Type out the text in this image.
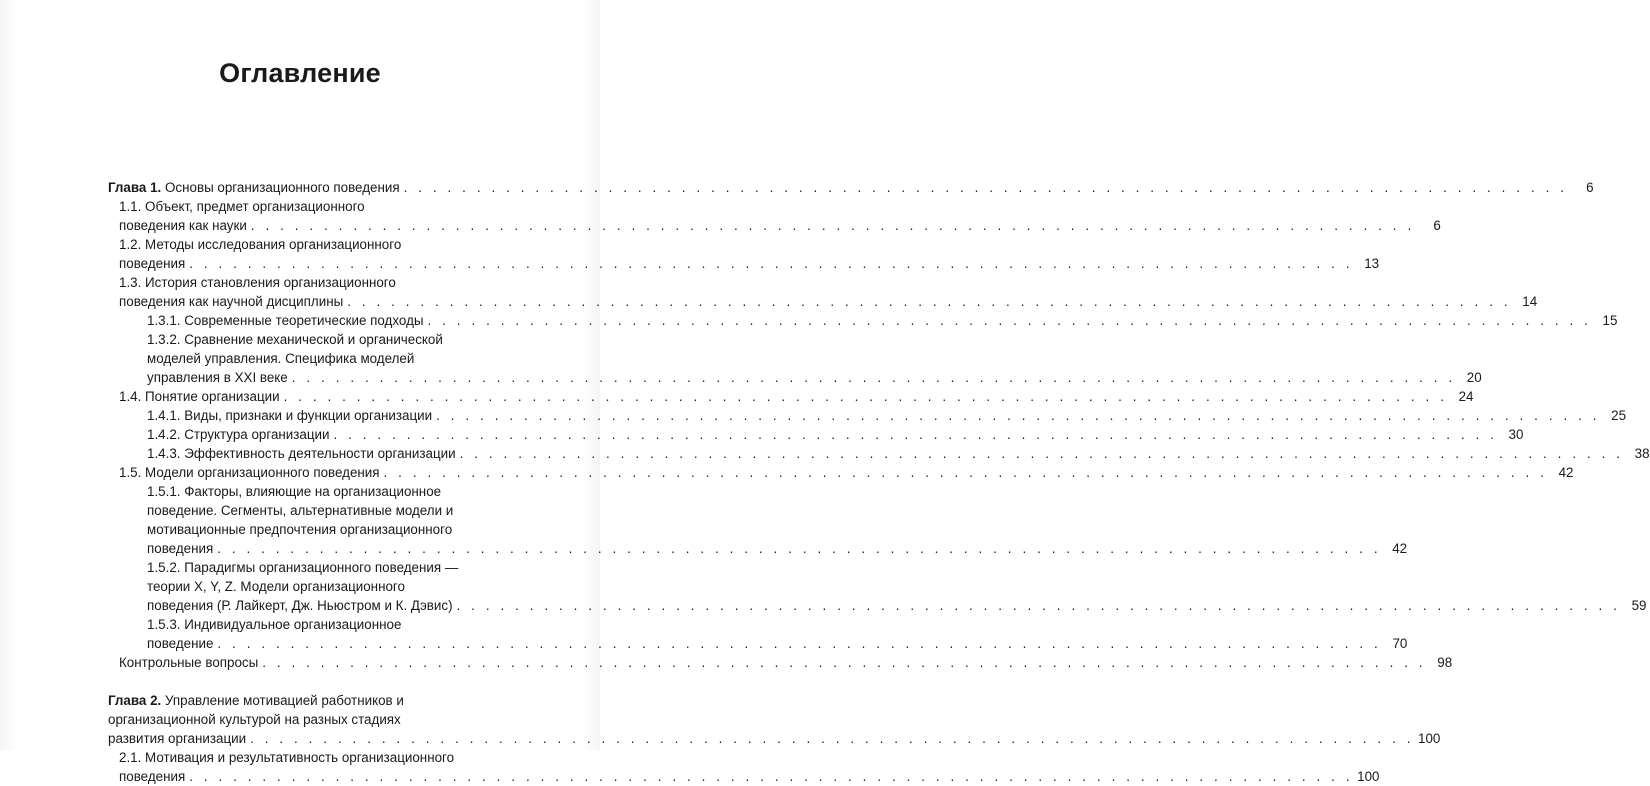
Оглавление
Глава 1. Основы организационного поведения . . . . . . . . . . . . . . . . . . . . . . . . . . . . . . . . . . . . . . . . . . . . . . . . . . . . . . . . . . . . . . . . . . . . . . . . . . . . . . . .	6
1.1. Объект, предмет организационного
поведения как науки . . . . . . . . . . . . . . . . . . . . . . . . . . . . . . . . . . . . . . . . . . . . . . . . . . . . . . . . . . . . . . . . . . . . . . . . . . . . . . . .	6
1.2. Методы исследования организационного
поведения . . . . . . . . . . . . . . . . . . . . . . . . . . . . . . . . . . . . . . . . . . . . . . . . . . . . . . . . . . . . . . . . . . . . . . . . . . . . . . . . 13
1.3. История становления организационного
поведения как научной дисциплины . . . . . . . . . . . . . . . . . . . . . . . . . . . . . . . . . . . . . . . . . . . . . . . . . . . . . . . . . . . . . . . . . . . . . . . . . . . . . . . . 14
1.3.1. Современные теоретические подходы . . . . . . . . . . . . . . . . . . . . . . . . . . . . . . . . . . . . . . . . . . . . . . . . . . . . . . . . . . . . . . . . . . . . . . . . . . . . . . . . 15
1.3.2. Сравнение механической и органической
моделей управления. Специфика моделей
управления в XXI веке . . . . . . . . . . . . . . . . . . . . . . . . . . . . . . . . . . . . . . . . . . . . . . . . . . . . . . . . . . . . . . . . . . . . . . . . . . . . . . . . 20
1.4. Понятие организации . . . . . . . . . . . . . . . . . . . . . . . . . . . . . . . . . . . . . . . . . . . . . . . . . . . . . . . . . . . . . . . . . . . . . . . . . . . . . . . . 24
1.4.1. Виды, признаки и функции организации . . . . . . . . . . . . . . . . . . . . . . . . . . . . . . . . . . . . . . . . . . . . . . . . . . . . . . . . . . . . . . . . . . . . . . . . . . . . . . . . 25
1.4.2. Структура организации . . . . . . . . . . . . . . . . . . . . . . . . . . . . . . . . . . . . . . . . . . . . . . . . . . . . . . . . . . . . . . . . . . . . . . . . . . . . . . . . 30
1.4.3. Эффективность деятельности организации . . . . . . . . . . . . . . . . . . . . . . . . . . . . . . . . . . . . . . . . . . . . . . . . . . . . . . . . . . . . . . . . . . . . . . . . . . . . . . . . 38
1.5. Модели организационного поведения . . . . . . . . . . . . . . . . . . . . . . . . . . . . . . . . . . . . . . . . . . . . . . . . . . . . . . . . . . . . . . . . . . . . . . . . . . . . . . . . 42
1.5.1. Факторы, влияющие на организационное
поведение. Сегменты, альтернативные модели и
мотивационные предпочтения организационного
поведения . . . . . . . . . . . . . . . . . . . . . . . . . . . . . . . . . . . . . . . . . . . . . . . . . . . . . . . . . . . . . . . . . . . . . . . . . . . . . . . . 42
1.5.2. Парадигмы организационного поведения —
теории X, Y, Z. Модели организационного
поведения (Р. Лайкерт, Дж. Ньюстром и К. Дэвис) . . . . . . . . . . . . . . . . . . . . . . . . . . . . . . . . . . . . . . . . . . . . . . . . . . . . . . . . . . . . . . . . . . . . . . . . . . . . . . . . 59
1.5.3. Индивидуальное организационное
поведение . . . . . . . . . . . . . . . . . . . . . . . . . . . . . . . . . . . . . . . . . . . . . . . . . . . . . . . . . . . . . . . . . . . . . . . . . . . . . . . . 70
Контрольные вопросы . . . . . . . . . . . . . . . . . . . . . . . . . . . . . . . . . . . . . . . . . . . . . . . . . . . . . . . . . . . . . . . . . . . . . . . . . . . . . . . . 98
Глава 2. Управление мотивацией работников и
организационной культурой на разных стадиях
развития организации . . . . . . . . . . . . . . . . . . . . . . . . . . . . . . . . . . . . . . . . . . . . . . . . . . . . . . . . . . . . . . . . . . . . . . . . . . . . . . . . 100
2.1. Мотивация и результативность организационного
поведения . . . . . . . . . . . . . . . . . . . . . . . . . . . . . . . . . . . . . . . . . . . . . . . . . . . . . . . . . . . . . . . . . . . . . . . . . . . . . . . . 100
